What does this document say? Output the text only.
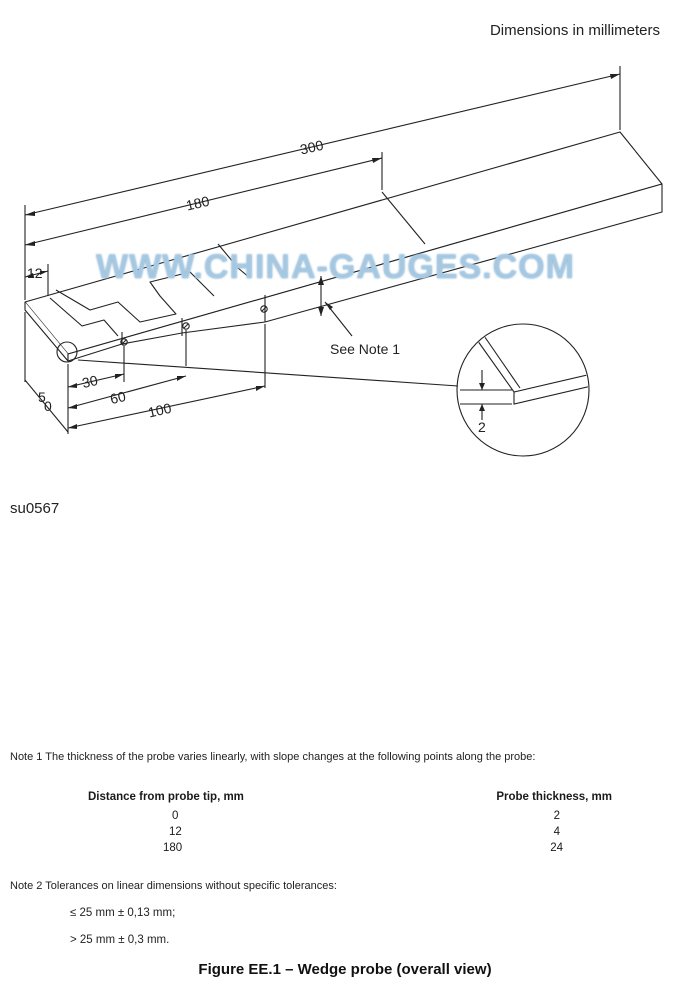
Dimensions in millimeters
300
180
12
5
0
30
60
100
2
See Note 1
WWW.CHINA-GAUGES.COM
su0567
Note 1 The thickness of the probe varies linearly, with slope changes at the following points along the probe:
Distance from probe tip, mm	Probe thickness, mm
0	2
12	4
180	24
Note 2 Tolerances on linear dimensions without specific tolerances:
≤ 25 mm ± 0,13 mm;
> 25 mm ± 0,3 mm.
Figure EE.1 – Wedge probe (overall view)
